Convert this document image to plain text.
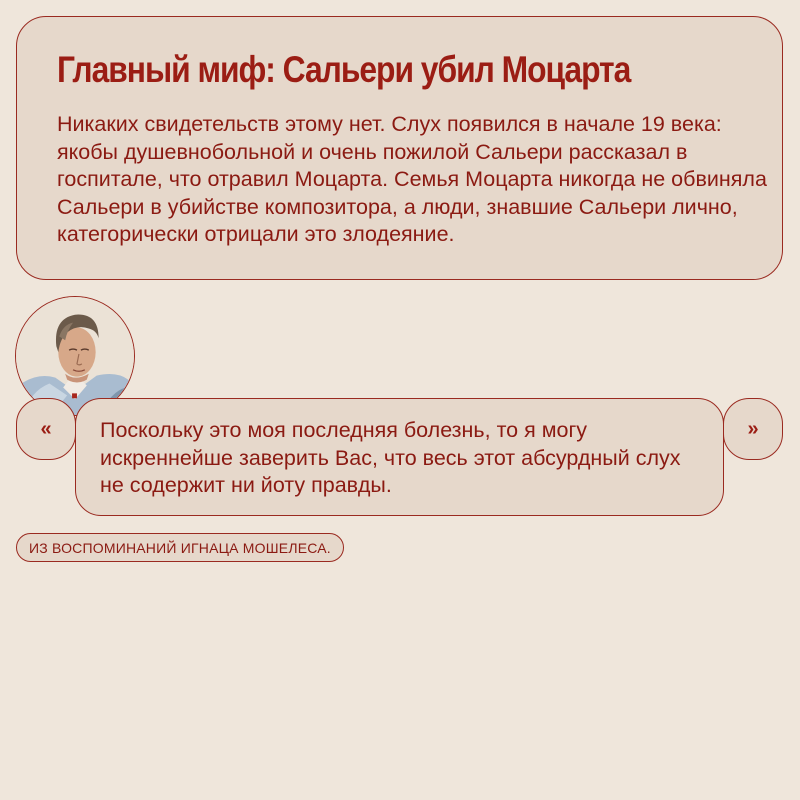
Главный миф: Сальери убил Моцарта
Никаких свидетельств этому нет. Слух появился в начале 19 века: якобы душевнобольной и очень пожилой Сальери рассказал в госпитале, что отравил Моцарта. Семья Моцарта никогда не обвиняла Сальери в убийстве композитора, а люди, знавшие Сальери лично, категорически отрицали это злодеяние.
«	Поскольку это моя последняя болезнь, то я могу искреннейше заверить Вас, что весь этот абсурдный слух не содержит ни йоту правды.
»
ИЗ ВОСПОМИНАНИЙ ИГНАЦА МОШЕЛЕСА.
